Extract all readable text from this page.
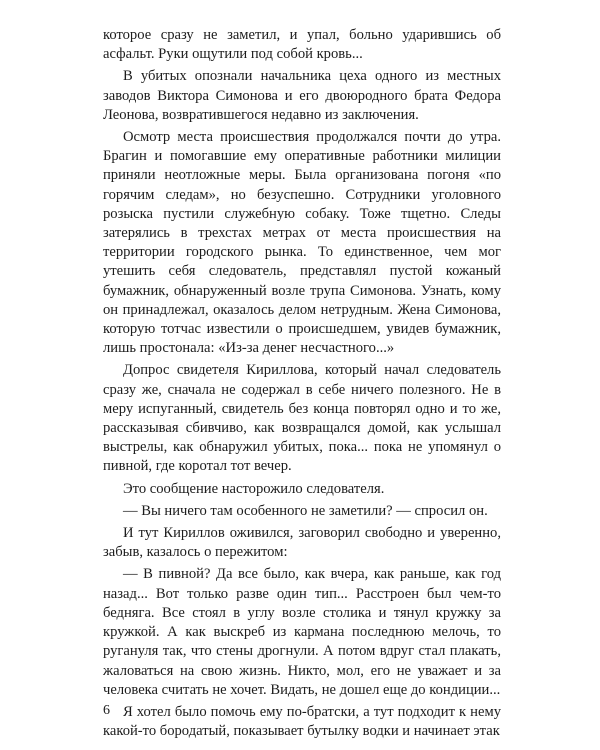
которое сразу не заметил, и упал, больно ударившись об асфальт. Руки ощутили под собой кровь...

В убитых опознали начальника цеха одного из местных заводов Виктора Симонова и его двоюродного брата Федора Леонова, возвратившегося недавно из заключения.

Осмотр места происшествия продолжался почти до утра. Брагин и помогавшие ему оперативные работники милиции приняли неотложные меры. Была организована погоня «по горячим следам», но безуспешно. Сотрудники уголовного розыска пустили служебную собаку. Тоже тщетно. Следы затерялись в трехстах метрах от места происшествия на территории городского рынка. То единственное, чем мог утешить себя следователь, представлял пустой кожаный бумажник, обнаруженный возле трупа Симонова. Узнать, кому он принадлежал, оказалось делом нетрудным. Жена Симонова, которую тотчас известили о происшедшем, увидев бумажник, лишь простонала: «Из-за денег несчастного...»

Допрос свидетеля Кириллова, который начал следователь сразу же, сначала не содержал в себе ничего полезного. Не в меру испуганный, свидетель без конца повторял одно и то же, рассказывая сбивчиво, как возвращался домой, как услышал выстрелы, как обнаружил убитых, пока... пока не упомянул о пивной, где коротал тот вечер.

Это сообщение насторожило следователя.

— Вы ничего там особенного не заметили? — спросил он.

И тут Кириллов оживился, заговорил свободно и уверенно, забыв, казалось о пережитом:

— В пивной? Да все было, как вчера, как раньше, как год назад... Вот только разве один тип... Расстроен был чем-то бедняга. Все стоял в углу возле столика и тянул кружку за кружкой. А как выскреб из кармана последнюю мелочь, то ругануля так, что стены дрогнули. А потом вдруг стал плакать, жаловаться на свою жизнь. Никто, мол, его не уважает и за человека считать не хочет. Видать, не дошел еще до кондиции...

Я хотел было помочь ему по-братски, а тут подходит к нему какой-то бородатый, показывает бутылку водки и начинает этак

6
